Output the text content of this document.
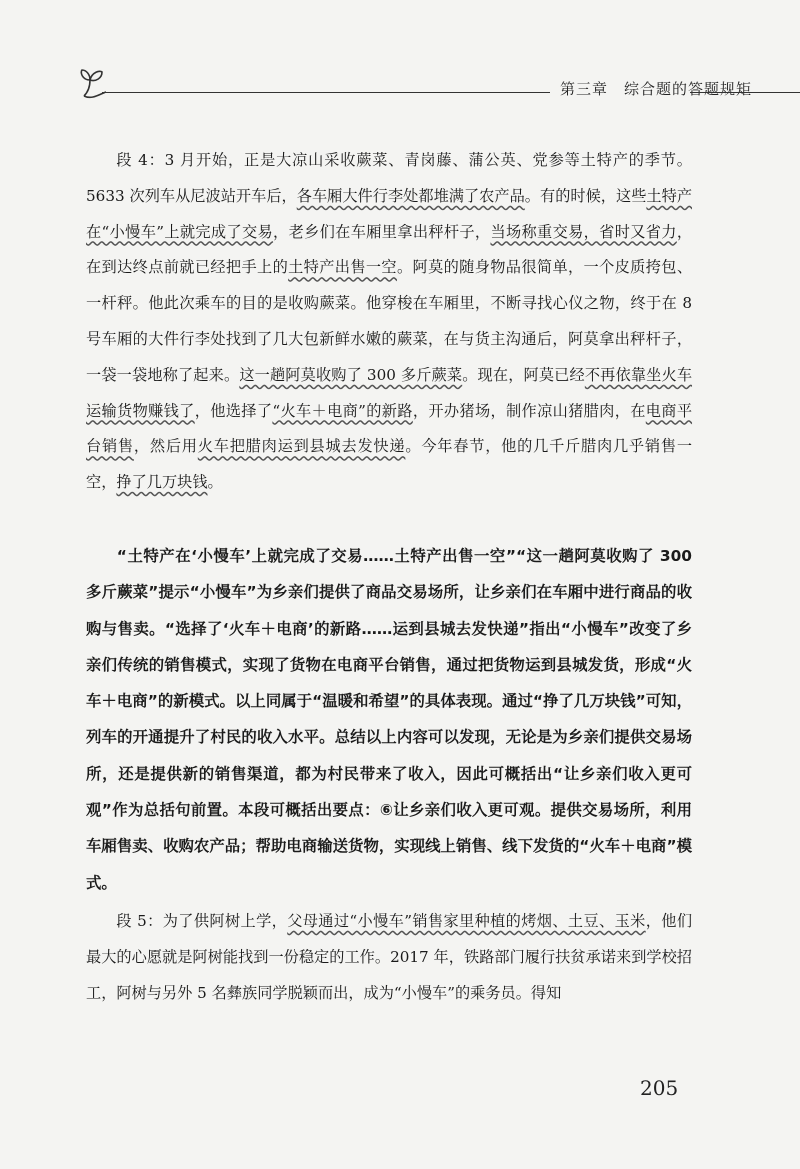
第三章　综合题的答题规矩

段 4：3 月开始，正是大凉山采收蕨菜、青岗藤、蒲公英、党参等土特产的季节。5633 次列车从尼波站开车后，各车厢大件行李处都堆满了农产品。有的时候，这些土特产在“小慢车”上就完成了交易，老乡们在车厢里拿出秤杆子，当场称重交易，省时又省力，在到达终点前就已经把手上的土特产出售一空。阿莫的随身物品很简单，一个皮质挎包、一杆秤。他此次乘车的目的是收购蕨菜。他穿梭在车厢里，不断寻找心仪之物，终于在 8 号车厢的大件行李处找到了几大包新鲜水嫩的蕨菜，在与货主沟通后，阿莫拿出秤杆子，一袋一袋地称了起来。这一趟阿莫收购了 300 多斤蕨菜。现在，阿莫已经不再依靠坐火车运输货物赚钱了，他选择了“火车＋电商”的新路，开办猪场，制作凉山猪腊肉，在电商平台销售，然后用火车把腊肉运到县城去发快递。今年春节，他的几千斤腊肉几乎销售一空，挣了几万块钱。

“土特产在‘小慢车’上就完成了交易……土特产出售一空”“这一趟阿莫收购了 300 多斤蕨菜”提示“小慢车”为乡亲们提供了商品交易场所，让乡亲们在车厢中进行商品的收购与售卖。“选择了‘火车＋电商’的新路……运到县城去发快递”指出“小慢车”改变了乡亲们传统的销售模式，实现了货物在电商平台销售，通过把货物运到县城发货，形成“火车＋电商”的新模式。以上同属于“温暖和希望”的具体表现。通过“挣了几万块钱”可知，列车的开通提升了村民的收入水平。总结以上内容可以发现，无论是为乡亲们提供交易场所，还是提供新的销售渠道，都为村民带来了收入，因此可概括出“让乡亲们收入更可观”作为总括句前置。本段可概括出要点：⑥让乡亲们收入更可观。提供交易场所，利用车厢售卖、收购农产品；帮助电商输送货物，实现线上销售、线下发货的“火车＋电商”模式。

段 5：为了供阿树上学，父母通过“小慢车”销售家里种植的烤烟、土豆、玉米，他们最大的心愿就是阿树能找到一份稳定的工作。2017 年，铁路部门履行扶贫承诺来到学校招工，阿树与另外 5 名彝族同学脱颖而出，成为“小慢车”的乘务员。得知

205
